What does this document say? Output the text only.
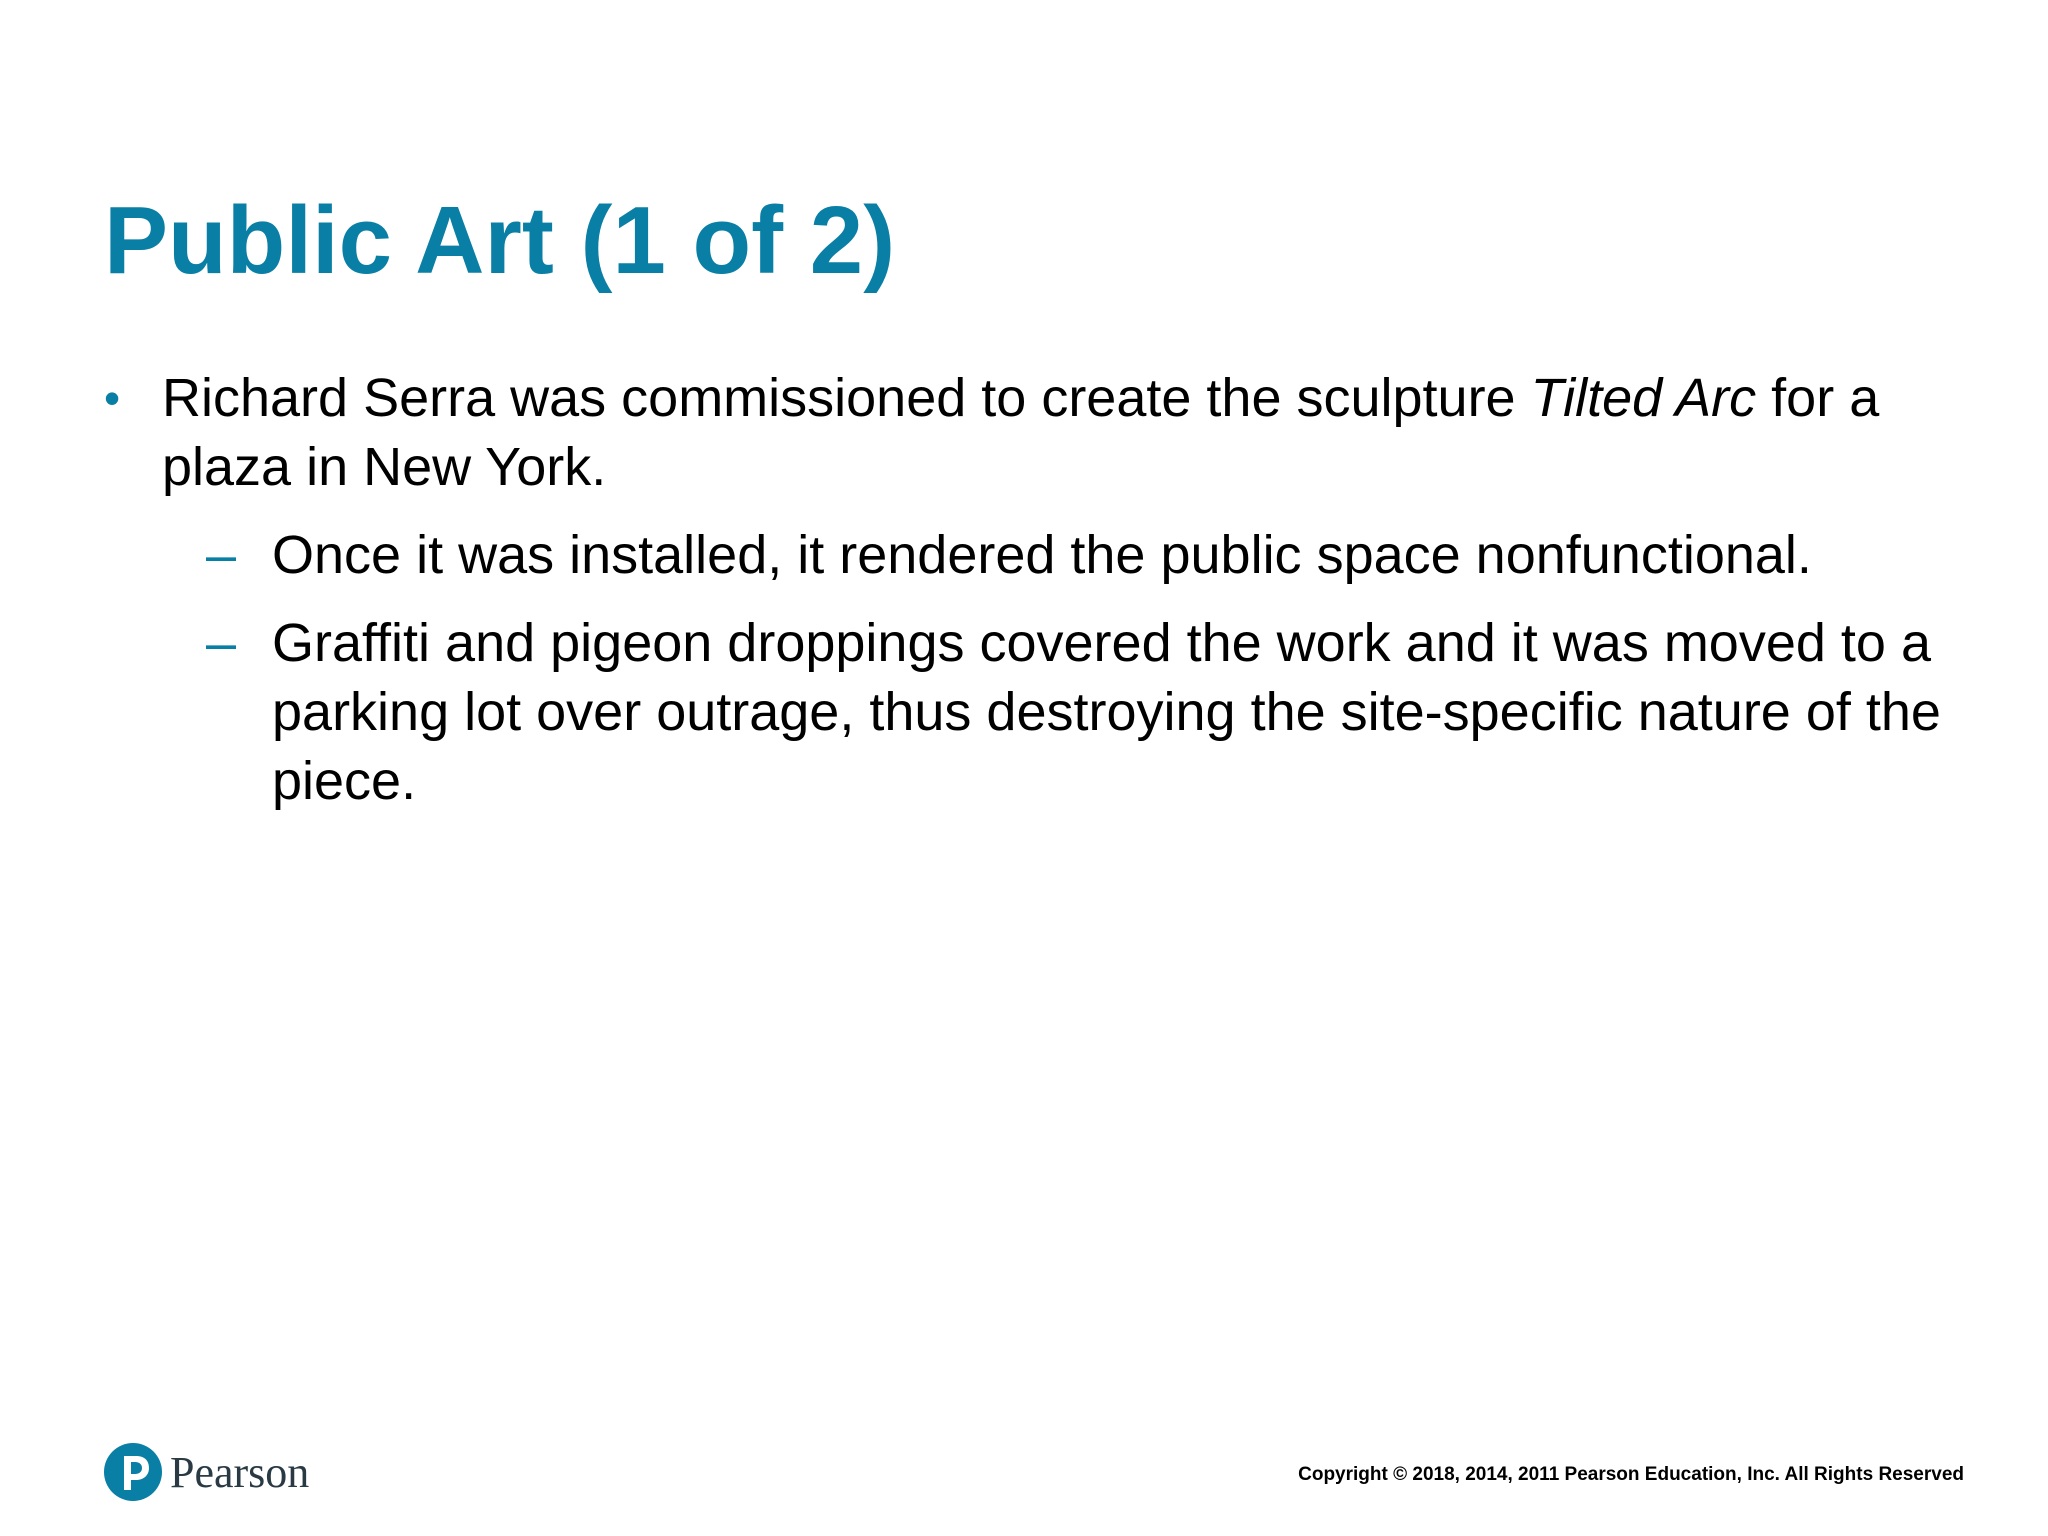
Public Art (1 of 2)

• Richard Serra was commissioned to create the sculpture Tilted Arc for a plaza in New York.

– Once it was installed, it rendered the public space nonfunctional.
– Graffiti and pigeon droppings covered the work and it was moved to a parking lot over outrage, thus destroying the site-specific nature of the piece.
Pearson	Copyright © 2018, 2014, 2011 Pearson Education, Inc. All Rights Reserved
